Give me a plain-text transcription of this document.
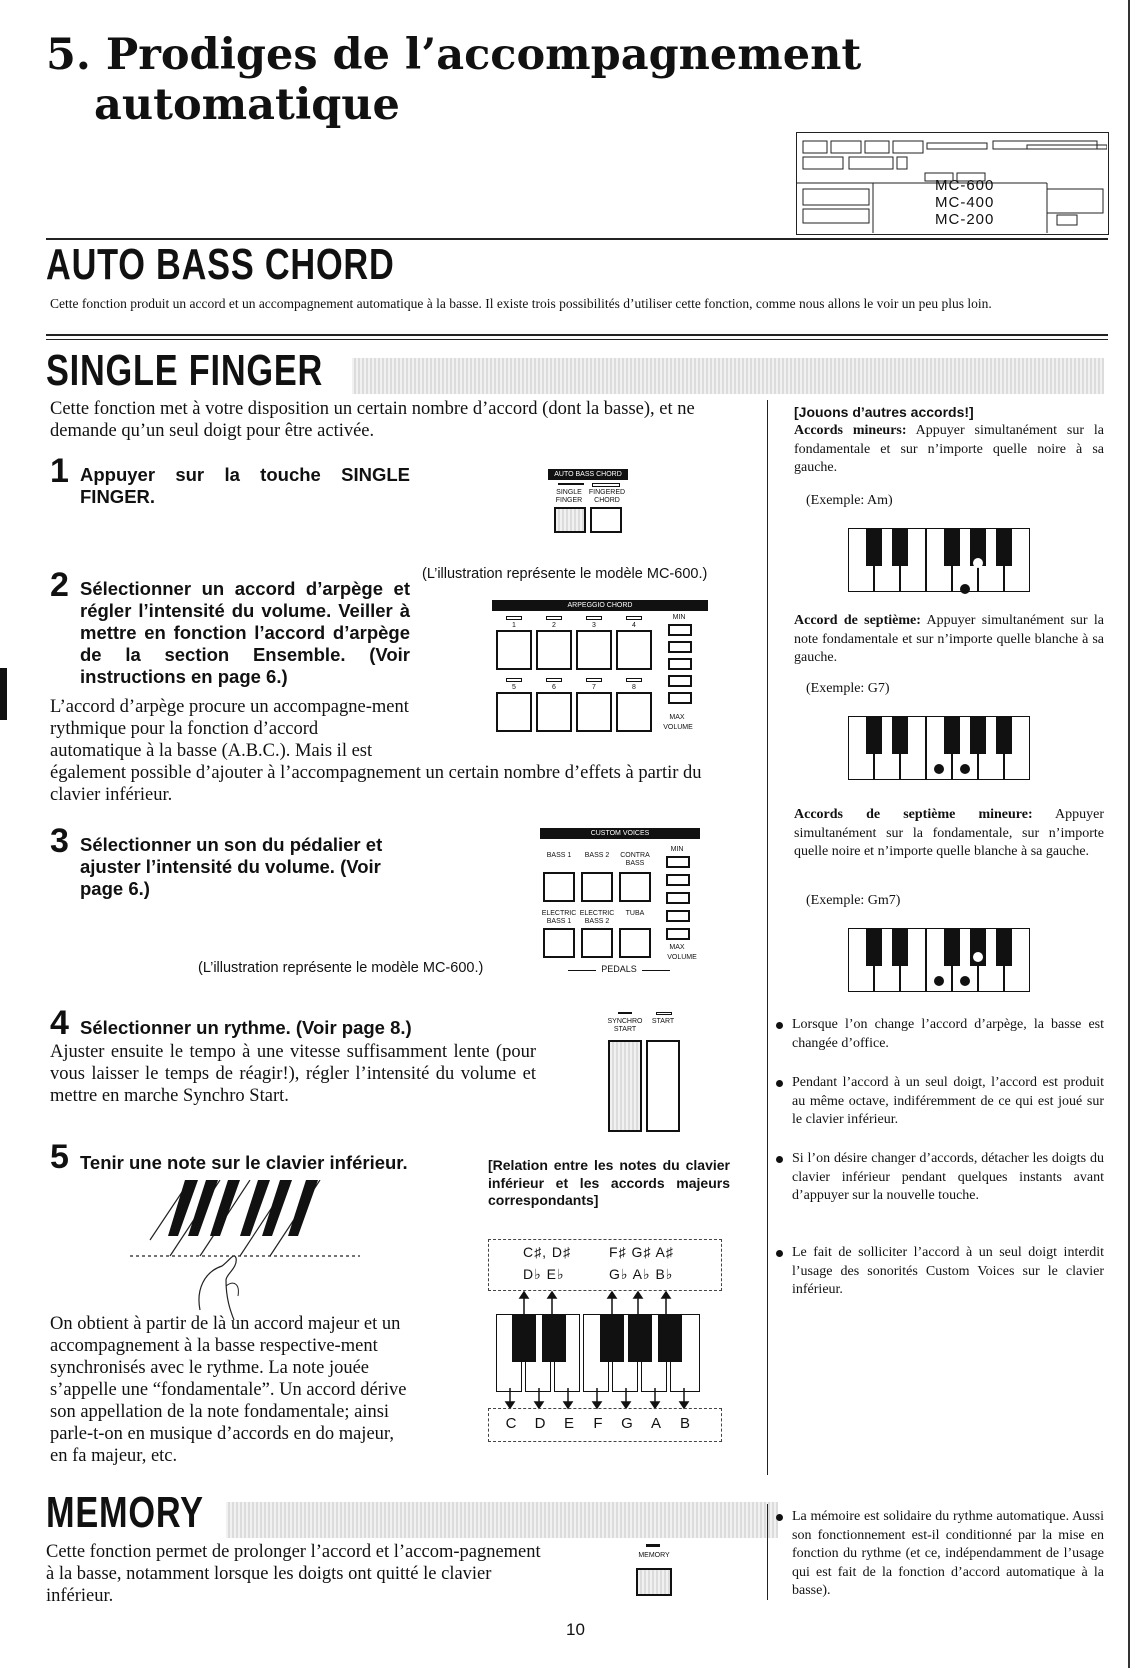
5. Prodiges de l’accompagnement
automatique
MC-600
MC-400
MC-200
AUTO BASS CHORD
Cette fonction produit un accord et un accompagnement automatique à la basse. Il existe trois possibilités d’utiliser cette fonction, comme nous allons le voir un peu plus loin.
SINGLE FINGER
Cette fonction met à votre disposition un certain nombre d’accord (dont la basse), et ne demande qu’un seul doigt pour être activée.
1 Appuyer sur la touche SINGLE FINGER.
AUTO BASS CHORD
SINGLE FINGER
FINGERED CHORD
(L’illustration représente le modèle MC-600.)
2 Sélectionner un accord d’arpège et régler l’intensité du volume. Veiller à mettre en fonction l’accord d’arpège de la section Ensemble. (Voir instructions en page 6.)
L’accord d’arpège procure un accompagne-ment rythmique pour la fonction d’accord automatique à la basse (A.B.C.). Mais il est
également possible d’ajouter à l’accompagnement un certain nombre d’effets à partir du clavier inférieur.
ARPEGGIO CHORD
1	2	3	4
5	6	7	8
MIN
MAX
VOLUME
3 Sélectionner un son du pédalier et ajuster l’intensité du volume. (Voir page 6.)
CUSTOM VOICES
BASS 1	BASS 2	CONTRA BASS
ELECTRIC BASS 1
ELECTRIC BASS 2
TUBA
MIN
MAX
VOLUME
(L’illustration représente le modèle MC-600.)	PEDALS
4 Sélectionner un rythme. (Voir page 8.)
Ajuster ensuite le tempo à une vitesse suffisamment lente (pour vous laisser le temps de réagir!), régler l’intensité du volume et mettre en marche Synchro Start.
SYNCHRO START
START
5 Tenir une note sur le clavier inférieur.
On obtient à partir de là un accord majeur et un accompagnement à la basse respective-ment synchronisés avec le rythme. La note jouée s’appelle une “fondamentale”. Un accord dérive son appellation de la note fondamentale; ainsi parle-t-on en musique d’accords en do majeur, en fa majeur, etc.
[Relation entre les notes du clavier inférieur et les accords majeurs correspondants]
C♯, D♯	F♯ G♯ A♯
D♭ E♭	G♭ A♭ B♭
C D E F G A B
[Jouons d’autres accords!]
Accords mineurs: Appuyer simultanément sur la fondamentale et sur n’importe quelle noire à sa gauche.
(Exemple: Am)
Accord de septième: Appuyer simultanément sur la note fondamentale et sur n’importe quelle blanche à sa gauche.
(Exemple: G7)
Accords de septième mineure: Appuyer simultanément sur la fondamentale, sur n’importe quelle noire et n’importe quelle blanche à sa gauche.
(Exemple: Gm7)
Lorsque l’on change l’accord d’arpège, la basse est changée d’office.
Pendant l’accord à un seul doigt, l’accord est produit au même octave, indiféremment de ce qui est joué sur le clavier inférieur.
Si l’on désire changer d’accords, détacher les doigts du clavier inférieur pendant quelques instants avant d’appuyer sur la nouvelle touche.
Le fait de solliciter l’accord à un seul doigt interdit l’usage des sonorités Custom Voices sur le clavier inférieur.
MEMORY
Cette fonction permet de prolonger l’accord et l’accom-pagnement à la basse, notamment lorsque les doigts ont quitté le clavier inférieur.
MEMORY
La mémoire est solidaire du rythme automatique. Aussi son fonctionnement est-il conditionné par la mise en fonction du rythme (et ce, indépendamment de l’usage qui est fait de la fonction d’accord automatique à la basse).
10
